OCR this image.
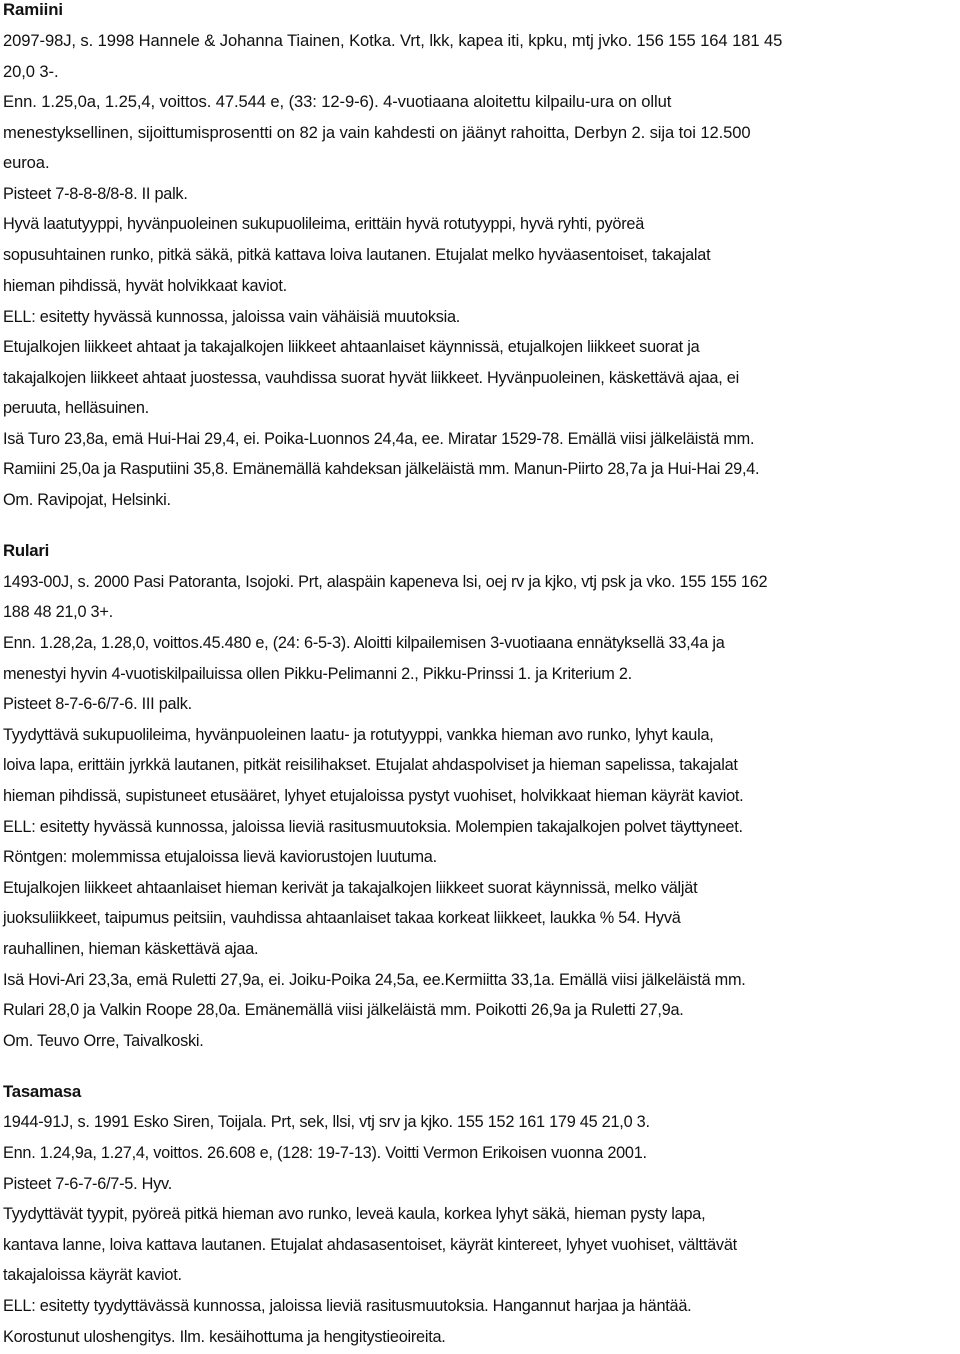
Ramiini
2097-98J, s. 1998 Hannele & Johanna Tiainen, Kotka. Vrt, lkk, kapea iti, kpku, mtj jvko. 156 155 164 181 45
20,0 3-.
Enn. 1.25,0a, 1.25,4, voittos. 47.544 e, (33: 12-9-6). 4-vuotiaana aloitettu kilpailu-ura on ollut
menestyksellinen, sijoittumisprosentti on 82 ja vain kahdesti on jäänyt rahoitta, Derbyn 2. sija toi 12.500
euroa.
Pisteet 7-8-8-8/8-8. II palk.
Hyvä laatutyyppi, hyvänpuoleinen sukupuolileima, erittäin hyvä rotutyyppi, hyvä ryhti, pyöreä
sopusuhtainen runko, pitkä säkä, pitkä kattava loiva lautanen. Etujalat melko hyväasentoiset, takajalat
hieman pihdissä, hyvät holvikkaat kaviot.
ELL: esitetty hyvässä kunnossa, jaloissa vain vähäisiä muutoksia.
Etujalkojen liikkeet ahtaat ja takajalkojen liikkeet ahtaanlaiset käynnissä, etujalkojen liikkeet suorat ja
takajalkojen liikkeet ahtaat juostessa, vauhdissa suorat hyvät liikkeet. Hyvänpuoleinen, käskettävä ajaa, ei
peruuta, helläsuinen.
Isä Turo 23,8a, emä Hui-Hai 29,4, ei. Poika-Luonnos 24,4a, ee. Miratar 1529-78. Emällä viisi jälkeläistä mm.
Ramiini 25,0a ja Rasputiini 35,8. Emänemällä kahdeksan jälkeläistä mm. Manun-Piirto 28,7a ja Hui-Hai 29,4.
Om. Ravipojat, Helsinki.
Rulari
1493-00J, s. 2000 Pasi Patoranta, Isojoki. Prt, alaspäin kapeneva lsi, oej rv ja kjko, vtj psk ja vko. 155 155 162
188 48 21,0 3+.
Enn. 1.28,2a, 1.28,0, voittos.45.480 e, (24: 6-5-3). Aloitti kilpailemisen 3-vuotiaana ennätyksellä 33,4a ja
menestyi hyvin 4-vuotiskilpailuissa ollen Pikku-Pelimanni 2., Pikku-Prinssi 1. ja Kriterium 2.
Pisteet 8-7-6-6/7-6. III palk.
Tyydyttävä sukupuolileima, hyvänpuoleinen laatu- ja rotutyyppi, vankka hieman avo runko, lyhyt kaula,
loiva lapa, erittäin jyrkkä lautanen, pitkät reisilihakset. Etujalat ahdaspolviset ja hieman sapelissa, takajalat
hieman pihdissä, supistuneet etusääret, lyhyet etujaloissa pystyt vuohiset, holvikkaat hieman käyrät kaviot.
ELL: esitetty hyvässä kunnossa, jaloissa lieviä rasitusmuutoksia. Molempien takajalkojen polvet täyttyneet.
Röntgen: molemmissa etujaloissa lievä kaviorustojen luutuma.
Etujalkojen liikkeet ahtaanlaiset hieman kerivät ja takajalkojen liikkeet suorat käynnissä, melko väljät
juoksuliikkeet, taipumus peitsiin, vauhdissa ahtaanlaiset takaa korkeat liikkeet, laukka % 54. Hyvä
rauhallinen, hieman käskettävä ajaa.
Isä Hovi-Ari 23,3a, emä Ruletti 27,9a, ei. Joiku-Poika 24,5a, ee.Kermiitta 33,1a. Emällä viisi jälkeläistä mm.
Rulari 28,0 ja Valkin Roope 28,0a. Emänemällä viisi jälkeläistä mm. Poikotti 26,9a ja Ruletti 27,9a.
Om. Teuvo Orre, Taivalkoski.
Tasamasa
1944-91J, s. 1991 Esko Siren, Toijala. Prt, sek, llsi, vtj srv ja kjko. 155 152 161 179 45 21,0 3.
Enn. 1.24,9a, 1.27,4, voittos. 26.608 e, (128: 19-7-13). Voitti Vermon Erikoisen vuonna 2001.
Pisteet 7-6-7-6/7-5. Hyv.
Tyydyttävät tyypit, pyöreä pitkä hieman avo runko, leveä kaula, korkea lyhyt säkä, hieman pysty lapa,
kantava lanne, loiva kattava lautanen. Etujalat ahdasasentoiset, käyrät kintereet, lyhyet vuohiset, välttävät
takajaloissa käyrät kaviot.
ELL: esitetty tyydyttävässä kunnossa, jaloissa lieviä rasitusmuutoksia. Hangannut harjaa ja häntää.
Korostunut uloshengitys. Ilm. kesäihottuma ja hengitystieoireita.
